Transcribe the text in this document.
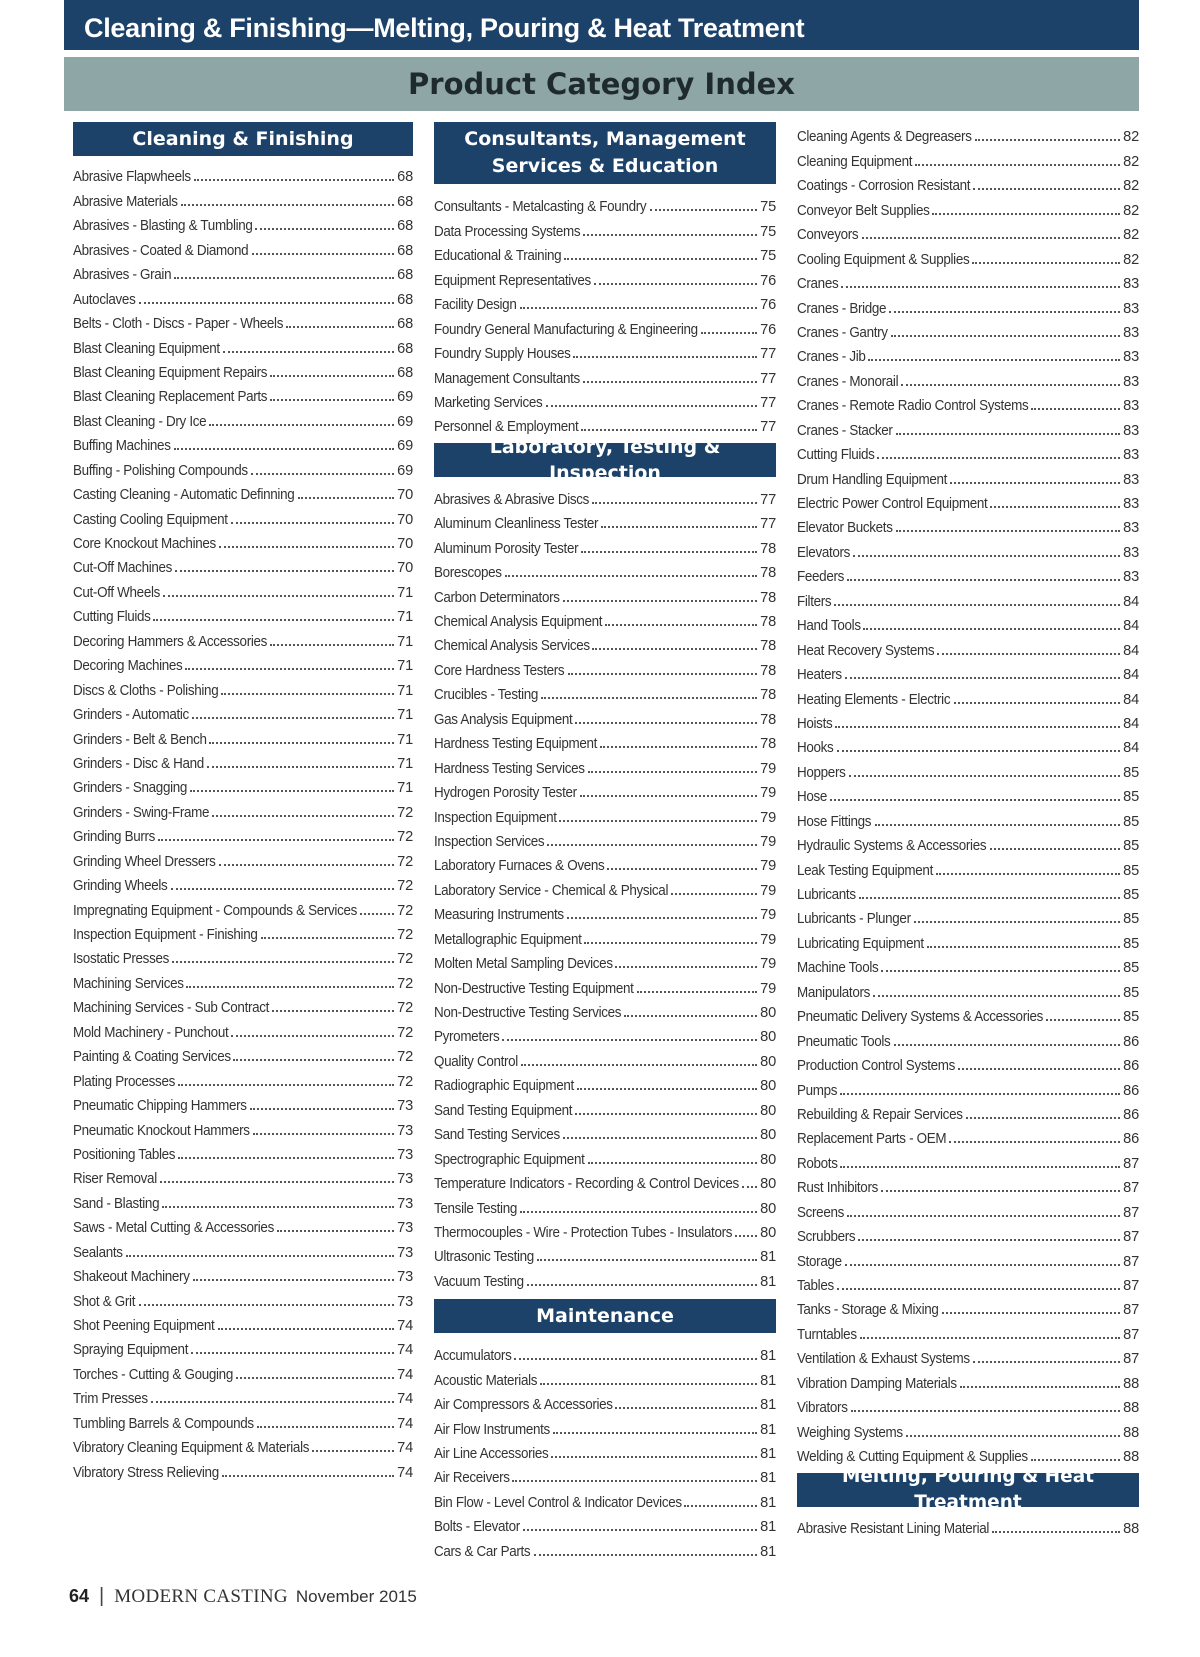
Cleaning & Finishing—Melting, Pouring & Heat Treatment
Product Category Index
Cleaning & Finishing
Abrasive Flapwheels	68
Abrasive Materials	68
Abrasives - Blasting & Tumbling	68
Abrasives - Coated & Diamond	68
Abrasives - Grain	68
Autoclaves	68
Belts - Cloth - Discs - Paper - Wheels	68
Blast Cleaning Equipment	68
Blast Cleaning Equipment Repairs	68
Blast Cleaning Replacement Parts	69
Blast Cleaning - Dry Ice	69
Buffing Machines	69
Buffing - Polishing Compounds	69
Casting Cleaning - Automatic Definning	70
Casting Cooling Equipment	70
Core Knockout Machines	70
Cut-Off Machines	70
Cut-Off Wheels	71
Cutting Fluids	71
Decoring Hammers & Accessories	71
Decoring Machines	71
Discs & Cloths - Polishing	71
Grinders - Automatic	71
Grinders - Belt & Bench	71
Grinders - Disc & Hand	71
Grinders - Snagging	71
Grinders - Swing-Frame	72
Grinding Burrs	72
Grinding Wheel Dressers	72
Grinding Wheels	72
Impregnating Equipment - Compounds & Services	72
Inspection Equipment - Finishing	72
Isostatic Presses	72
Machining Services	72
Machining Services - Sub Contract	72
Mold Machinery - Punchout	72
Painting & Coating Services	72
Plating Processes	72
Pneumatic Chipping Hammers	73
Pneumatic Knockout Hammers	73
Positioning Tables	73
Riser Removal	73
Sand - Blasting	73
Saws - Metal Cutting & Accessories	73
Sealants	73
Shakeout Machinery	73
Shot & Grit	73
Shot Peening Equipment	74
Spraying Equipment	74
Torches - Cutting & Gouging	74
Trim Presses	74
Tumbling Barrels & Compounds	74
Vibratory Cleaning Equipment & Materials	74
Vibratory Stress Relieving	74
Consultants, Management Services & Education
Consultants - Metalcasting & Foundry	75
Data Processing Systems	75
Educational & Training	75
Equipment Representatives	76
Facility Design	76
Foundry General Manufacturing & Engineering	76
Foundry Supply Houses	77
Management Consultants	77
Marketing Services	77
Personnel & Employment	77
Laboratory, Testing & Inspection
Abrasives & Abrasive Discs	77
Aluminum Cleanliness Tester	77
Aluminum Porosity Tester	78
Borescopes	78
Carbon Determinators	78
Chemical Analysis Equipment	78
Chemical Analysis Services	78
Core Hardness Testers	78
Crucibles - Testing	78
Gas Analysis Equipment	78
Hardness Testing Equipment	78
Hardness Testing Services	79
Hydrogen Porosity Tester	79
Inspection Equipment	79
Inspection Services	79
Laboratory Furnaces & Ovens	79
Laboratory Service - Chemical & Physical	79
Measuring Instruments	79
Metallographic Equipment	79
Molten Metal Sampling Devices	79
Non-Destructive Testing Equipment	79
Non-Destructive Testing Services	80
Pyrometers	80
Quality Control	80
Radiographic Equipment	80
Sand Testing Equipment	80
Sand Testing Services	80
Spectrographic Equipment	80
Temperature Indicators - Recording & Control Devices 80
Tensile Testing	80
Thermocouples - Wire - Protection Tubes - Insulators 80
Ultrasonic Testing	81
Vacuum Testing	81
Maintenance
Accumulators	81
Acoustic Materials	81
Air Compressors & Accessories	81
Air Flow Instruments	81
Air Line Accessories	81
Air Receivers	81
Bin Flow - Level Control & Indicator Devices	81
Bolts - Elevator	81
Cars & Car Parts	81
Cleaning Agents & Degreasers	82
Cleaning Equipment	82
Coatings - Corrosion Resistant	82
Conveyor Belt Supplies	82
Conveyors	82
Cooling Equipment & Supplies	82
Cranes	83
Cranes - Bridge	83
Cranes - Gantry	83
Cranes - Jib	83
Cranes - Monorail	83
Cranes - Remote Radio Control Systems	83
Cranes - Stacker	83
Cutting Fluids	83
Drum Handling Equipment	83
Electric Power Control Equipment	83
Elevator Buckets	83
Elevators	83
Feeders	83
Filters	84
Hand Tools	84
Heat Recovery Systems	84
Heaters	84
Heating Elements - Electric	84
Hoists	84
Hooks	84
Hoppers	85
Hose	85
Hose Fittings	85
Hydraulic Systems & Accessories	85
Leak Testing Equipment	85
Lubricants	85
Lubricants - Plunger	85
Lubricating Equipment	85
Machine Tools	85
Manipulators	85
Pneumatic Delivery Systems & Accessories	85
Pneumatic Tools	86
Production Control Systems	86
Pumps	86
Rebuilding & Repair Services	86
Replacement Parts - OEM	86
Robots	87
Rust Inhibitors	87
Screens	87
Scrubbers	87
Storage	87
Tables	87
Tanks - Storage & Mixing	87
Turntables	87
Ventilation & Exhaust Systems	87
Vibration Damping Materials	88
Vibrators	88
Weighing Systems	88
Welding & Cutting Equipment & Supplies	88
Melting, Pouring & Heat Treatment
Abrasive Resistant Lining Material	88
64 | MODERN CASTING November 2015
